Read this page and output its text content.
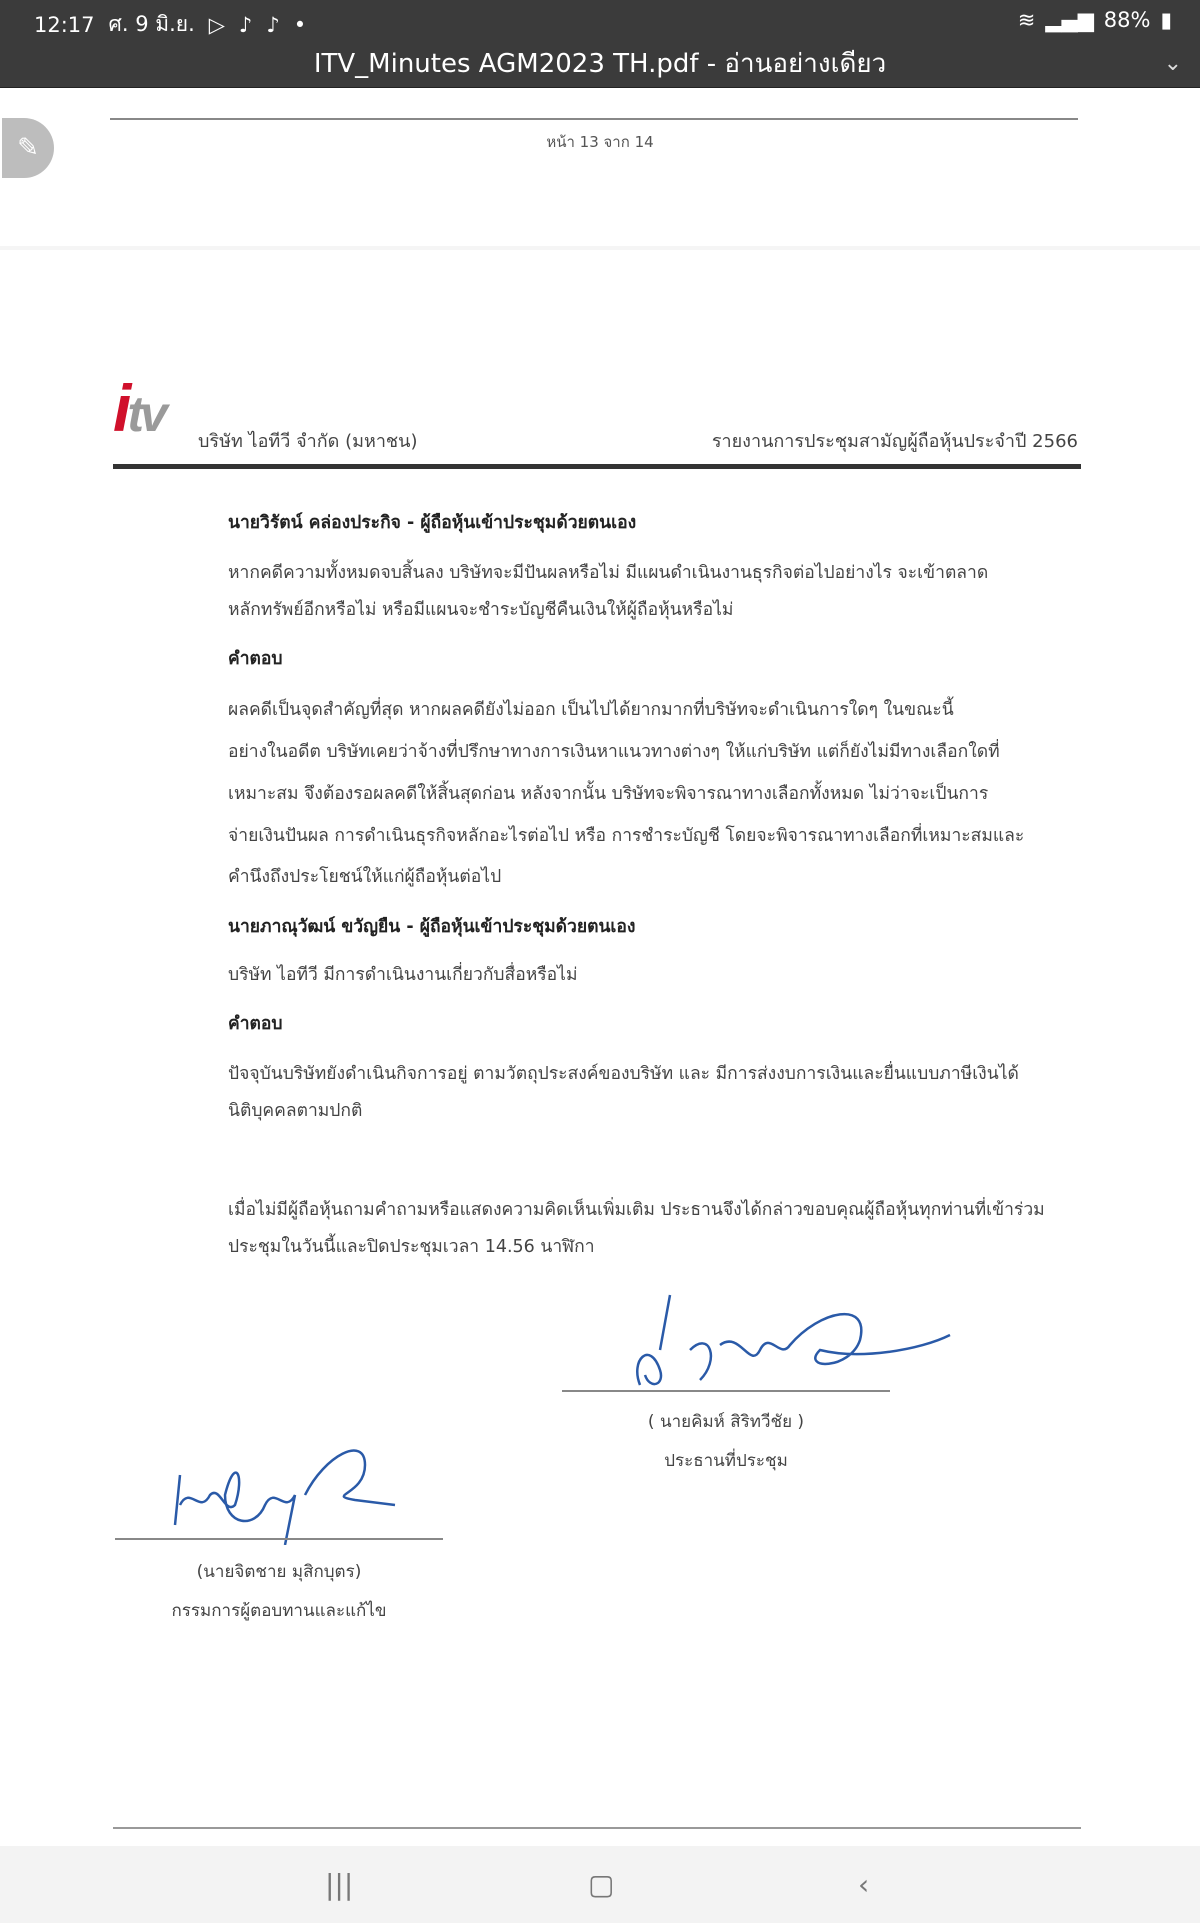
12:17 ศ. 9 มิ.ย. ▷ ♪ ♪ •	≋ ▂▄▆ 88% ▮
ITV_Minutes AGM2023 TH.pdf - อ่านอย่างเดียว	⌄
หน้า 13 จาก 14
✎
itv บริษัท ไอทีวี จำกัด (มหาชน)	รายงานการประชุมสามัญผู้ถือหุ้นประจำปี 2566
นายวิรัตน์ คล่องประกิจ - ผู้ถือหุ้นเข้าประชุมด้วยตนเอง
หากคดีความทั้งหมดจบสิ้นลง บริษัทจะมีปันผลหรือไม่ มีแผนดำเนินงานธุรกิจต่อไปอย่างไร จะเข้าตลาด
หลักทรัพย์อีกหรือไม่ หรือมีแผนจะชำระบัญชีคืนเงินให้ผู้ถือหุ้นหรือไม่
คำตอบ
ผลคดีเป็นจุดสำคัญที่สุด หากผลคดียังไม่ออก เป็นไปได้ยากมากที่บริษัทจะดำเนินการใดๆ ในขณะนี้
อย่างในอดีต บริษัทเคยว่าจ้างที่ปรึกษาทางการเงินหาแนวทางต่างๆ ให้แก่บริษัท แต่ก็ยังไม่มีทางเลือกใดที่
เหมาะสม จึงต้องรอผลคดีให้สิ้นสุดก่อน หลังจากนั้น บริษัทจะพิจารณาทางเลือกทั้งหมด ไม่ว่าจะเป็นการ
จ่ายเงินปันผล การดำเนินธุรกิจหลักอะไรต่อไป หรือ การชำระบัญชี โดยจะพิจารณาทางเลือกที่เหมาะสมและ
คำนึงถึงประโยชน์ให้แก่ผู้ถือหุ้นต่อไป
นายภาณุวัฒน์ ขวัญยืน - ผู้ถือหุ้นเข้าประชุมด้วยตนเอง
บริษัท ไอทีวี มีการดำเนินงานเกี่ยวกับสื่อหรือไม่
คำตอบ
ปัจจุบันบริษัทยังดำเนินกิจการอยู่ ตามวัตถุประสงค์ของบริษัท และ มีการส่งงบการเงินและยื่นแบบภาษีเงินได้
นิติบุคคลตามปกติ
เมื่อไม่มีผู้ถือหุ้นถามคำถามหรือแสดงความคิดเห็นเพิ่มเติม ประธานจึงได้กล่าวขอบคุณผู้ถือหุ้นทุกท่านที่เข้าร่วม
ประชุมในวันนี้และปิดประชุมเวลา 14.56 นาฬิกา
( นายคิมห์ สิริทวีชัย )
ประธานที่ประชุม
(นายจิตชาย มุสิกบุตร)
กรรมการผู้ตอบทานและแก้ไข
|||	▢	‹
